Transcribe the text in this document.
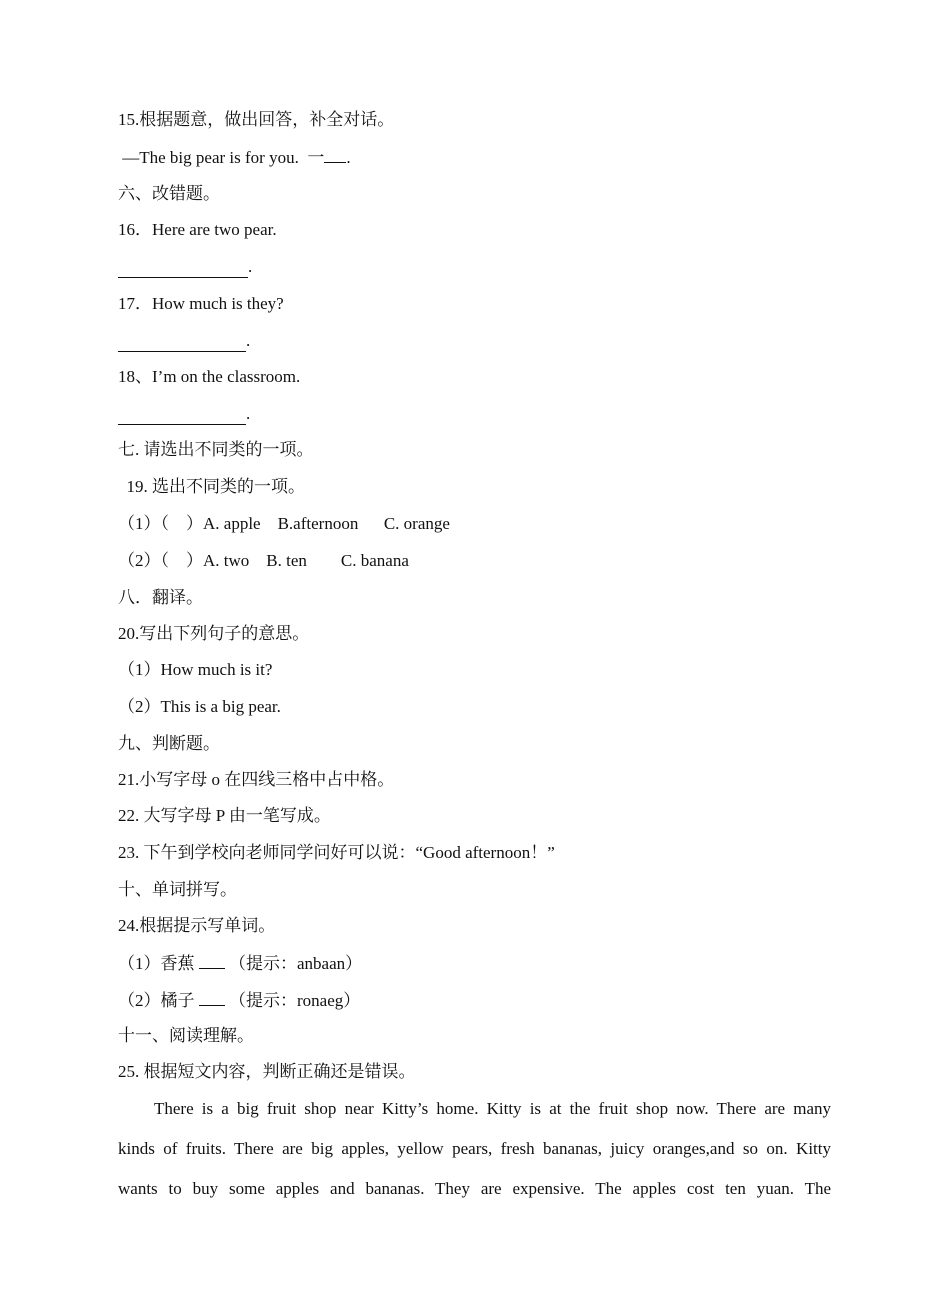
15.根据题意，做出回答，补全对话。
—The big pear is for you.  一 .
六、改错题。
16．Here are two pear.
.
17．How much is they?
.
18、I’m on the classroom.
.
七. 请选出不同类的一项。
19. 选出不同类的一项。
（1）（    ）A. apple    B.afternoon      C. orange
（2）（    ）A. two    B. ten        C. banana
八．翻译。
20.写出下列句子的意思。
（1）How much is it?
（2）This is a big pear.
九、判断题。
21.小写字母 o 在四线三格中占中格。
22. 大写字母 P 由一笔写成。
23. 下午到学校向老师同学问好可以说：“Good afternoon！”
十、单词拼写。
24.根据提示写单词。
（1）香蕉  （提示：anbaan）
（2）橘子  （提示：ronaeg）
十一、阅读理解。
25. 根据短文内容，判断正确还是错误。

There is a big fruit shop near Kitty’s home. Kitty is at the fruit shop now. There are many

kinds of fruits. There are big apples, yellow pears, fresh bananas, juicy oranges,and so on. Kitty

wants to buy some apples and bananas. They are expensive. The apples cost ten yuan. The
